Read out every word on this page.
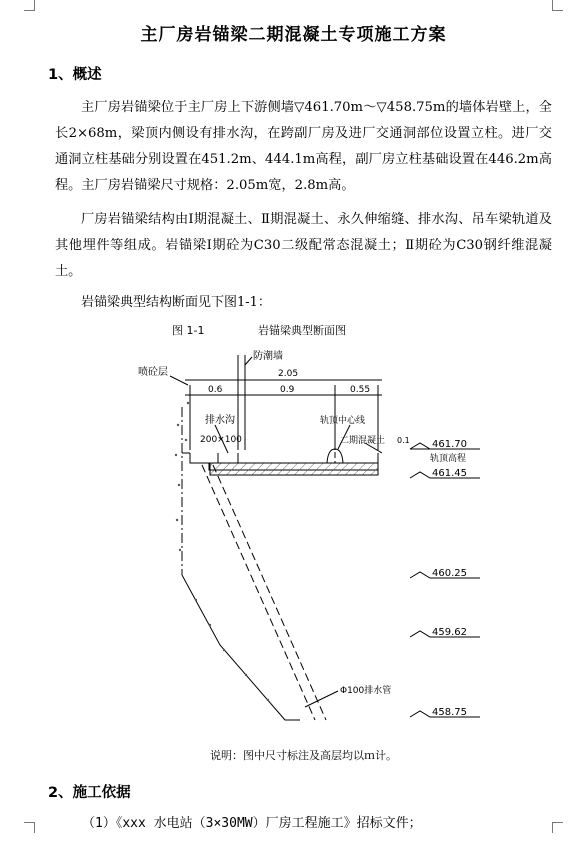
主厂房岩锚梁二期混凝土专项施工方案
1、概述
主厂房岩锚梁位于主厂房上下游侧墙▽461.70m～▽458.75m的墙体岩壁上，全长2×68m，梁顶内侧设有排水沟，在跨副厂房及进厂交通洞部位设置立柱。进厂交通洞立柱基础分别设置在451.2m、444.1m高程，副厂房立柱基础设置在446.2m高程。主厂房岩锚梁尺寸规格：2.05m宽，2.8m高。
厂房岩锚梁结构由Ⅰ期混凝土、Ⅱ期混凝土、永久伸缩缝、排水沟、吊车梁轨道及其他埋件等组成。岩锚梁Ⅰ期砼为C30二级配常态混凝土；Ⅱ期砼为C30钢纤维混凝土。
岩锚梁典型结构断面见下图1-1：
图 1-1	岩锚梁典型断面图
喷砼层
防潮墙
2.05
0.6	0.9	0.55
排水沟
200×100
轨顶中心线
二期混凝土 0.1 461.70
轨顶高程
461.45
460.25
459.62
458.75
Φ100排水管
说明：图中尺寸标注及高层均以ｍ计。
2、施工依据
（1）《xxx 水电站（3×30MW）厂房工程施工》招标文件；
